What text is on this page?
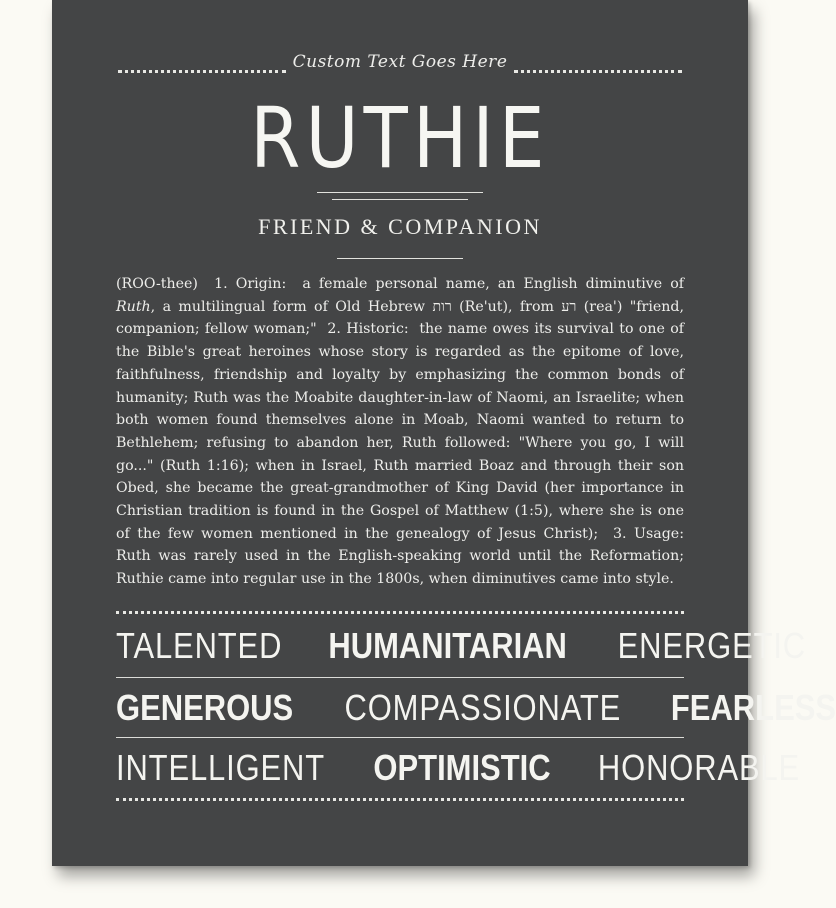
Custom Text Goes Here
RUTHIE
FRIEND & COMPANION
(ROO-thee) 1. Origin: a female personal name, an English diminutive of Ruth, a multilingual form of Old Hebrew רות (Re'ut), from רע (rea') "friend, companion; fellow woman;" 2. Historic: the name owes its survival to one of the Bible's great heroines whose story is regarded as the epitome of love, faithfulness, friendship and loyalty by emphasizing the common bonds of humanity; Ruth was the Moabite daughter-in-law of Naomi, an Israelite; when both women found themselves alone in Moab, Naomi wanted to return to Bethlehem; refusing to abandon her, Ruth followed: "Where you go, I will go..." (Ruth 1:16); when in Israel, Ruth married Boaz and through their son Obed, she became the great-grandmother of King David (her importance in Christian tradition is found in the Gospel of Matthew (1:5), where she is one of the few women mentioned in the genealogy of Jesus Christ); 3. Usage: Ruth was rarely used in the English-speaking world until the Reformation; Ruthie came into regular use in the 1800s, when diminutives came into style.
TALENTED HUMANITARIAN ENERGETIC
GENEROUS COMPASSIONATE FEARLESS
INTELLIGENT OPTIMISTIC HONORABLE
